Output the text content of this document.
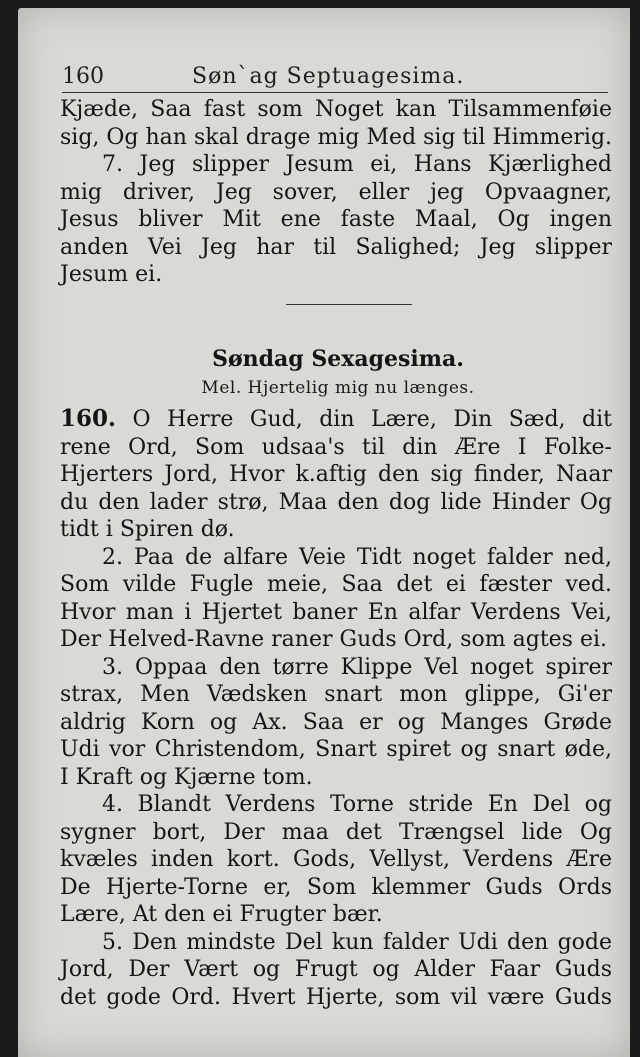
160	Søn`ag Septuagesima.
Kjæde, Saa fast som Noget kan Tilsammenføie
sig, Og han skal drage mig Med sig til Himmerig.
7. Jeg slipper Jesum ei, Hans Kjærlighed
mig driver, Jeg sover, eller jeg Opvaagner,
Jesus bliver Mit ene faste Maal, Og ingen
anden Vei Jeg har til Salighed; Jeg slipper
Jesum ei.
Søndag Sexagesima.
Mel. Hjertelig mig nu længes.
160. O Herre Gud, din Lære, Din Sæd, dit
rene Ord, Som udsaa's til din Ære I Folke-
Hjerters Jord, Hvor k.aftig den sig finder, Naar
du den lader strø, Maa den dog lide Hinder Og
tidt i Spiren dø.
2. Paa de alfare Veie Tidt noget falder ned,
Som vilde Fugle meie, Saa det ei fæster ved.
Hvor man i Hjertet baner En alfar Verdens Vei,
Der Helved-Ravne raner Guds Ord, som agtes ei.
3. Oppaa den tørre Klippe Vel noget spirer
strax, Men Vædsken snart mon glippe, Gi'er
aldrig Korn og Ax. Saa er og Manges Grøde
Udi vor Christendom, Snart spiret og snart øde,
I Kraft og Kjærne tom.
4. Blandt Verdens Torne stride En Del og
sygner bort, Der maa det Trængsel lide Og
kvæles inden kort. Gods, Vellyst, Verdens Ære
De Hjerte-Torne er, Som klemmer Guds Ords
Lære, At den ei Frugter bær.
5. Den mindste Del kun falder Udi den gode
Jord, Der Vært og Frugt og Alder Faar Guds
det gode Ord. Hvert Hjerte, som vil være Guds
